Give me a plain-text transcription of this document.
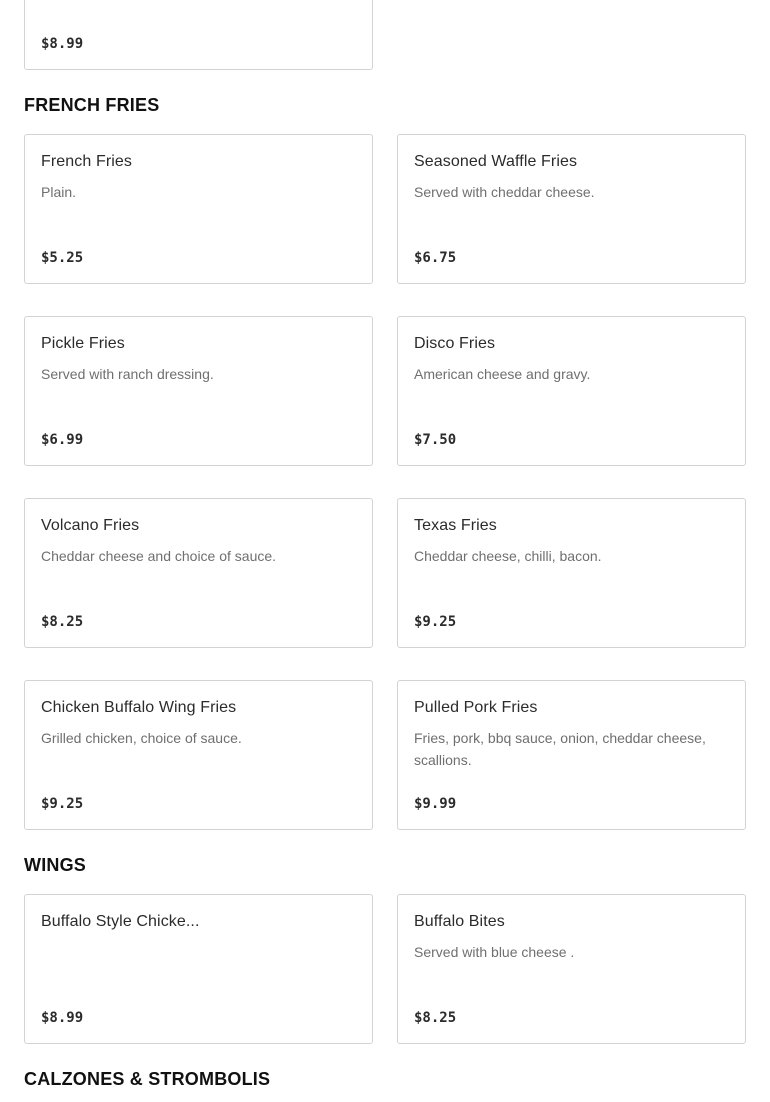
$8.99
FRENCH FRIES
French Fries
Plain.
$5.25
Seasoned Waffle Fries
Served with cheddar cheese.
$6.75
Pickle Fries
Served with ranch dressing.
$6.99
Disco Fries
American cheese and gravy.
$7.50
Volcano Fries
Cheddar cheese and choice of sauce.
$8.25
Texas Fries
Cheddar cheese, chilli, bacon.
$9.25
Chicken Buffalo Wing Fries
Grilled chicken, choice of sauce.
$9.25
Pulled Pork Fries
Fries, pork, bbq sauce, onion, cheddar cheese, scallions.
$9.99
WINGS
Buffalo Style Chicke...
$8.99
Buffalo Bites
Served with blue cheese .
$8.25
CALZONES & STROMBOLIS
